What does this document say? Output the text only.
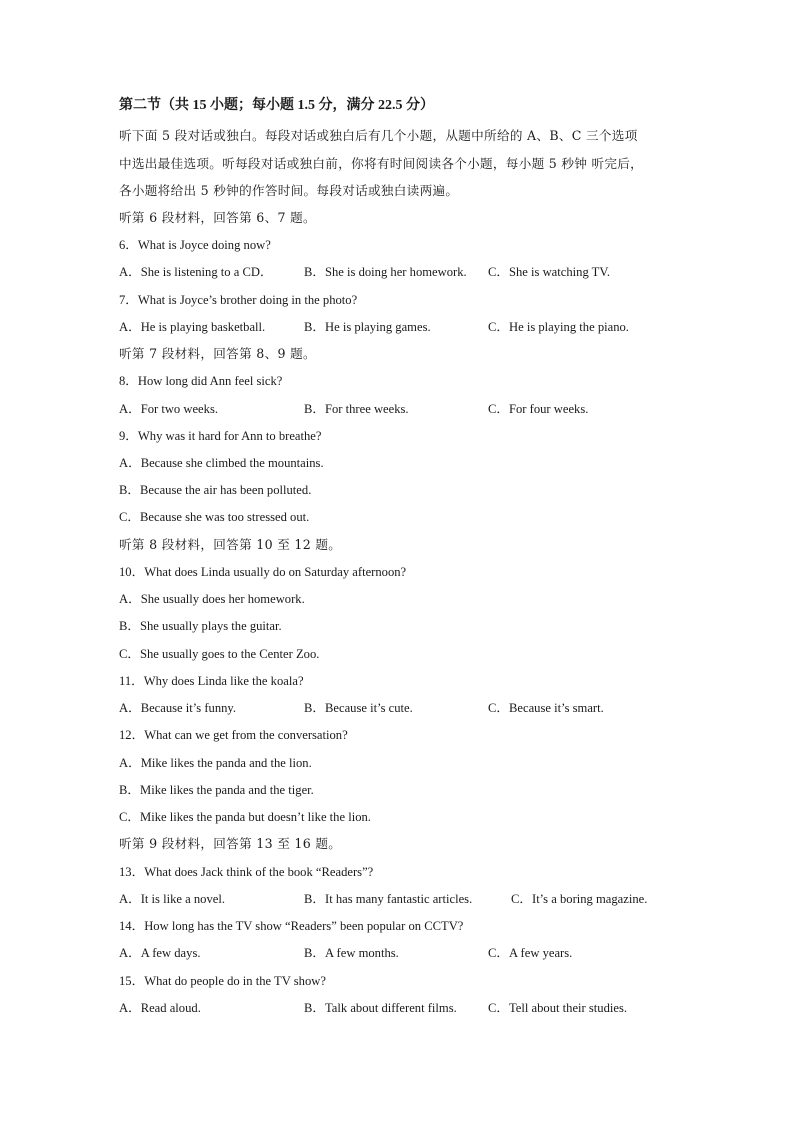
第二节（共 15 小题；每小题 1.5 分，满分 22.5 分）
听下面 5 段对话或独白。每段对话或独白后有几个小题，从题中所给的 A、B、C 三个选项
中选出最佳选项。听每段对话或独白前，你将有时间阅读各个小题，每小题 5 秒钟 听完后，
各小题将给出 5 秒钟的作答时间。每段对话或独白读两遍。
听第 6 段材料，回答第 6、7 题。
6．What is Joyce doing now?
A．She is listening to a CD． B．She is doing her homework. C．She is watching TV.
7．What is Joyce’s brother doing in the photo?
A．He is playing basketball.	B．He is playing games.	C．He is playing the piano.
听第 7 段材料，回答第 8、9 题。
8．How long did Ann feel sick?
A．For two weeks.	B．For three weeks.	C．For four weeks.
9．Why was it hard for Ann to breathe?
A．Because she climbed the mountains.
B．Because the air has been polluted.
C．Because she was too stressed out.
听第 8 段材料，回答第 10 至 12 题。
10．What does Linda usually do on Saturday afternoon?
A．She usually does her homework.
B．She usually plays the guitar.
C．She usually goes to the Center Zoo.
11．Why does Linda like the koala?
A．Because it’s funny.	B．Because it’s cute.	C．Because it’s smart.
12．What can we get from the conversation?
A．Mike likes the panda and the lion.
B．Mike likes the panda and the tiger.
C．Mike likes the panda but doesn’t like the lion.
听第 9 段材料，回答第 13 至 16 题。
13．What does Jack think of the book “Readers”?
A．It is like a novel.	B．It has many fantastic articles.	C．It’s a boring magazine.
14．How long has the TV show “Readers” been popular on CCTV?
A．A few days.	B．A few months.	C．A few years.
15．What do people do in the TV show?
A．Read aloud.	B．Talk about different films. C．Tell about their studies.
